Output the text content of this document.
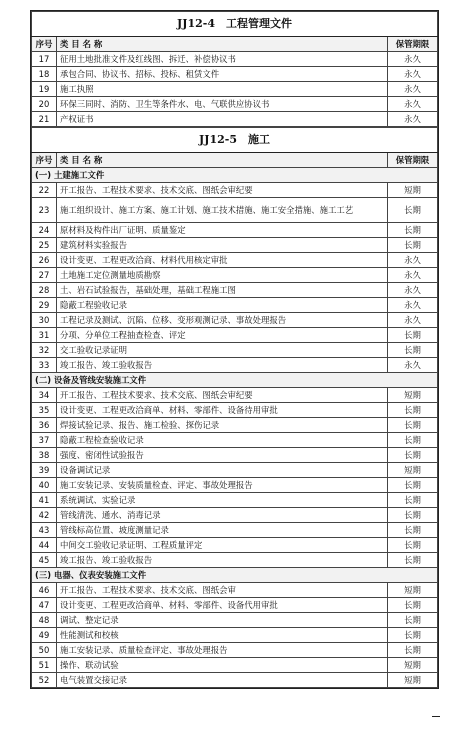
JJ12-4　工程管理文件		
序号	类 目 名 称	保管期限
17	征用土地批准文件及红线图、拆迁、补偿协议书	永久
18	承包合同、协议书、招标、投标、租赁文件	永久
19	施工执照	永久
20	环保三同时、消防、卫生等条件水、电、气联供应协议书	永久
21	产权证书	永久
JJ12-5　施工		
序号	类 目 名 称	保管期限
(一) 土建施工文件		
22	开工报告、工程技术要求、技术交底、图纸会审纪要	短期
23	施工组织设计、施工方案、施工计划、施工技术措施、施工安全措施、施工工艺	长期
24	原材料及构件出厂证明、质量鉴定	长期
25	建筑材料实验报告	长期
26	设计变更、工程更改洽商、材料代用核定审批	永久
27	土地施工定位测量地质勘察	永久
28	土、岩石试验报告，基础处理，基础工程施工图	永久
29	隐蔽工程验收记录	永久
30	工程记录及测试、沉陷、位移、变形观测记录、事故处理报告	永久
31	分项、分单位工程抽查检查、评定	长期
32	交工验收记录证明	长期
33	竣工报告、竣工验收报告	永久
(二) 设备及管线安装施工文件		
34	开工报告、工程技术要求、技术交底、图纸会审纪要	短期
35	设计变更、工程更改洽商单、材料、零部件、设备待用审批	长期
36	焊接试验记录、报告、施工检验、探伤记录	长期
37	隐蔽工程检查验收记录	长期
38	强度、密闭性试验报告	长期
39	设备调试记录	短期
40	施工安装记录、安装质量检查、评定、事故处理报告	长期
41	系统调试、实验记录	长期
42	管线清洗、通水、消毒记录	长期
43	管线标高位置、坡度测量记录	长期
44	中间交工验收记录证明、工程质量评定	长期
45	竣工报告、竣工验收报告	长期
(三) 电器、仪表安装施工文件		
46	开工报告、工程技术要求、技术交底、图纸会审	短期
47	设计变更、工程更改洽商单、材料、零部件、设备代用审批	长期
48	调试、整定记录	长期
49	性能测试和校核	长期
50	施工安装记录、质量检查评定、事故处理报告	长期
51	操作、联动试验	短期
52	电气装置交接记录	短期
